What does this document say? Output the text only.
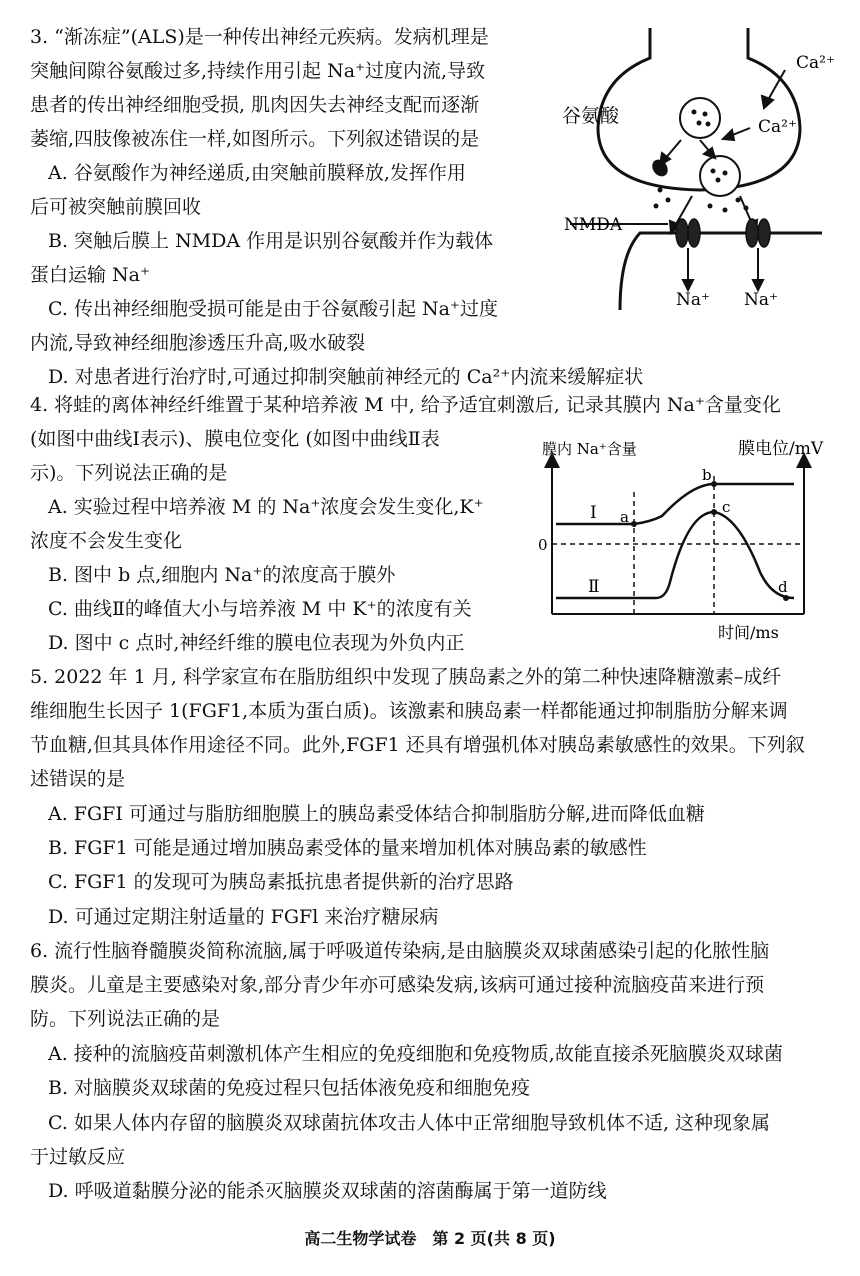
3. “渐冻症”(ALS)是一种传出神经元疾病。发病机理是
突触间隙谷氨酸过多,持续作用引起 Na⁺过度内流,导致
患者的传出神经细胞受损, 肌肉因失去神经支配而逐渐
萎缩,四肢像被冻住一样,如图所示。下列叙述错误的是
A. 谷氨酸作为神经递质,由突触前膜释放,发挥作用
后可被突触前膜回收
B. 突触后膜上 NMDA 作用是识别谷氨酸并作为载体
蛋白运输 Na⁺
C. 传出神经细胞受损可能是由于谷氨酸引起 Na⁺过度
内流,导致神经细胞渗透压升高,吸水破裂
D. 对患者进行治疗时,可通过抑制突触前神经元的 Ca²⁺内流来缓解症状
Ca²⁺
Ca²⁺
谷氨酸
NMDA
Na⁺ Na⁺
4. 将蛙的离体神经纤维置于某种培养液 M 中, 给予适宜刺激后, 记录其膜内 Na⁺含量变化
(如图中曲线Ⅰ表示)、膜电位变化 (如图中曲线Ⅱ表
示)。下列说法正确的是
A. 实验过程中培养液 M 的 Na⁺浓度会发生变化,K⁺
浓度不会发生变化
B. 图中 b 点,细胞内 Na⁺的浓度高于膜外
C. 曲线Ⅱ的峰值大小与培养液 M 中 K⁺的浓度有关
D. 图中 c 点时,神经纤维的膜电位表现为外负内正
膜内 Na⁺含量	膜电位/mV
时间/ms
0
Ⅰ
Ⅱ
a
b
c
d
5. 2022 年 1 月, 科学家宣布在脂肪组织中发现了胰岛素之外的第二种快速降糖激素–成纤
维细胞生长因子 1(FGF1,本质为蛋白质)。该激素和胰岛素一样都能通过抑制脂肪分解来调
节血糖,但其具体作用途径不同。此外,FGF1 还具有增强机体对胰岛素敏感性的效果。下列叙
述错误的是
A. FGFI 可通过与脂肪细胞膜上的胰岛素受体结合抑制脂肪分解,进而降低血糖
B. FGF1 可能是通过增加胰岛素受体的量来增加机体对胰岛素的敏感性
C. FGF1 的发现可为胰岛素抵抗患者提供新的治疗思路
D. 可通过定期注射适量的 FGFl 来治疗糖尿病
6. 流行性脑脊髓膜炎简称流脑,属于呼吸道传染病,是由脑膜炎双球菌感染引起的化脓性脑
膜炎。儿童是主要感染对象,部分青少年亦可感染发病,该病可通过接种流脑疫苗来进行预
防。下列说法正确的是
A. 接种的流脑疫苗刺激机体产生相应的免疫细胞和免疫物质,故能直接杀死脑膜炎双球菌
B. 对脑膜炎双球菌的免疫过程只包括体液免疫和细胞免疫
C. 如果人体内存留的脑膜炎双球菌抗体攻击人体中正常细胞导致机体不适, 这种现象属
于过敏反应
D. 呼吸道黏膜分泌的能杀灭脑膜炎双球菌的溶菌酶属于第一道防线
高二生物学试卷　第 2 页(共 8 页)
